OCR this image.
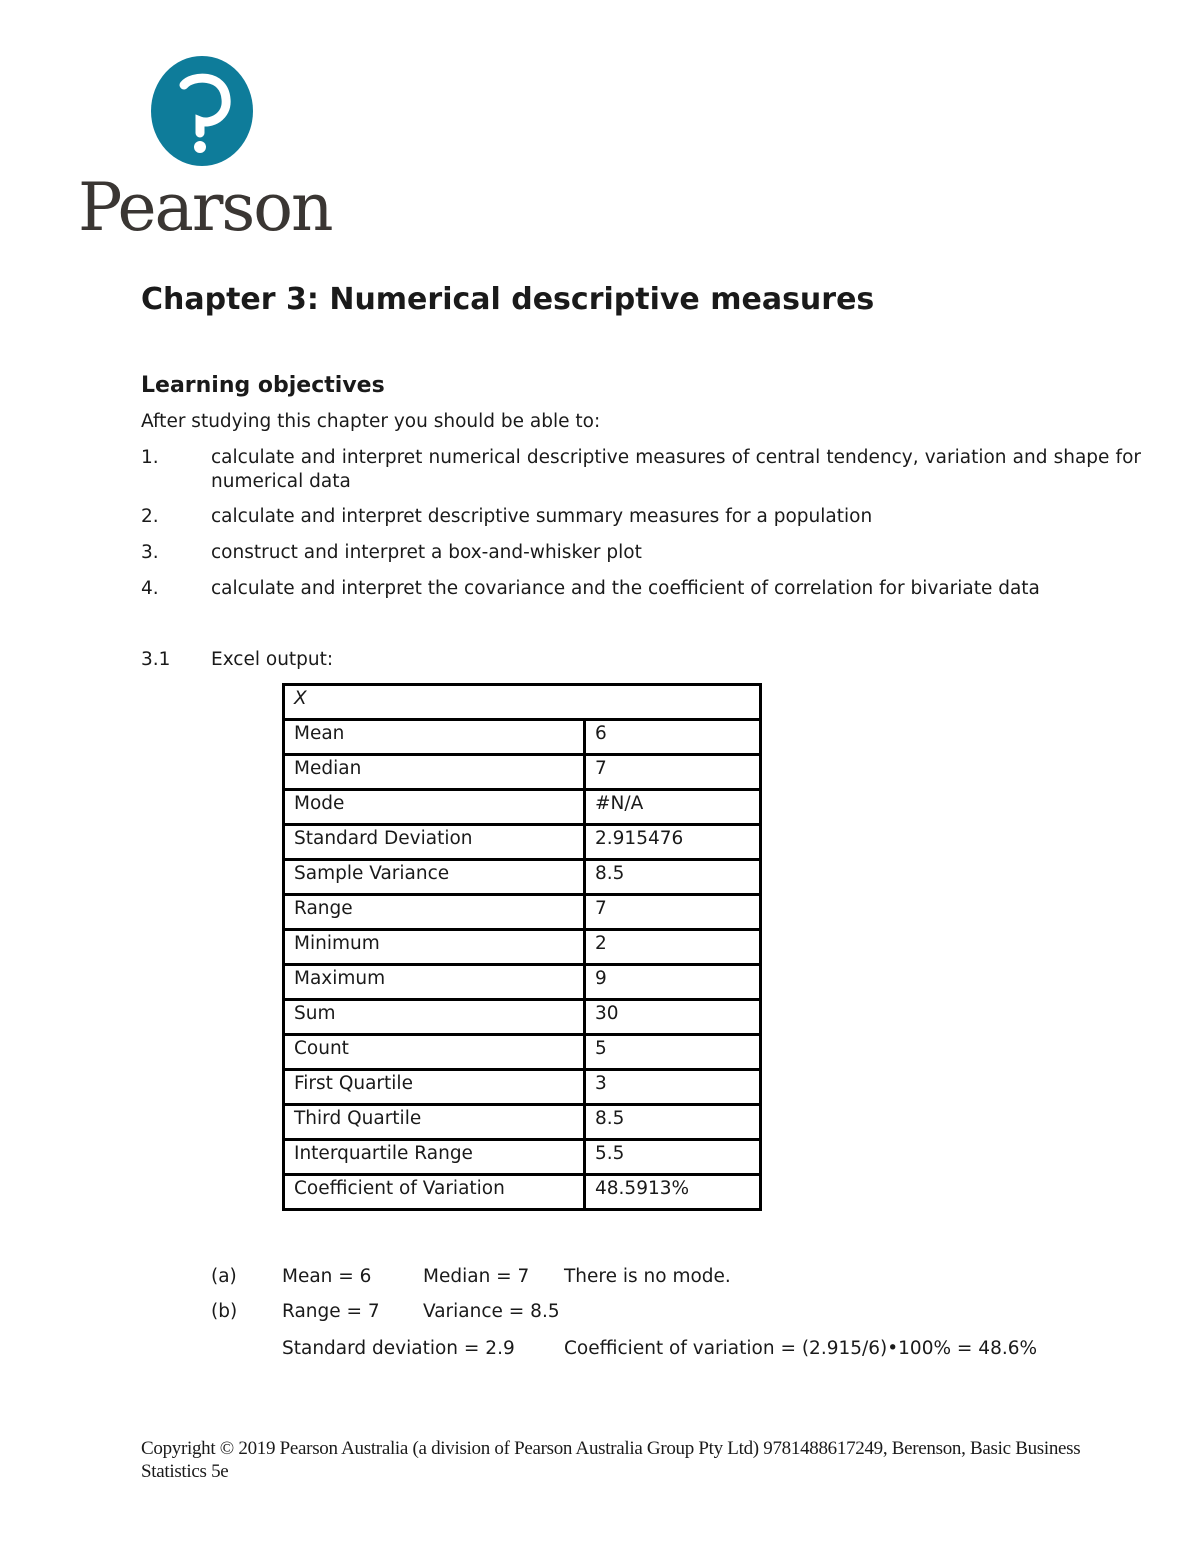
Pearson
Chapter 3: Numerical descriptive measures
Learning objectives
After studying this chapter you should be able to:
1.	calculate and interpret numerical descriptive measures of central tendency, variation and shape for numerical data
2.	calculate and interpret descriptive summary measures for a population
3.	construct and interpret a box-and-whisker plot
4.	calculate and interpret the covariance and the coefficient of correlation for bivariate data
3.1 Excel output:
X	
Mean	6
Median	7
Mode	#N/A
Standard Deviation	2.915476
Sample Variance	8.5
Range	7
Minimum	2
Maximum	9
Sum	30
Count	5
First Quartile	3
Third Quartile	8.5
Interquartile Range	5.5
Coefficient of Variation	48.5913%
(a) Mean = 6	Median = 7 There is no mode.
(b) Range = 7 Variance = 8.5
Standard deviation = 2.9	Coefficient of variation = (2.915/6)•100% = 48.6%
Copyright © 2019 Pearson Australia (a division of Pearson Australia Group Pty Ltd) 9781488617249, Berenson, Basic Business Statistics 5e
